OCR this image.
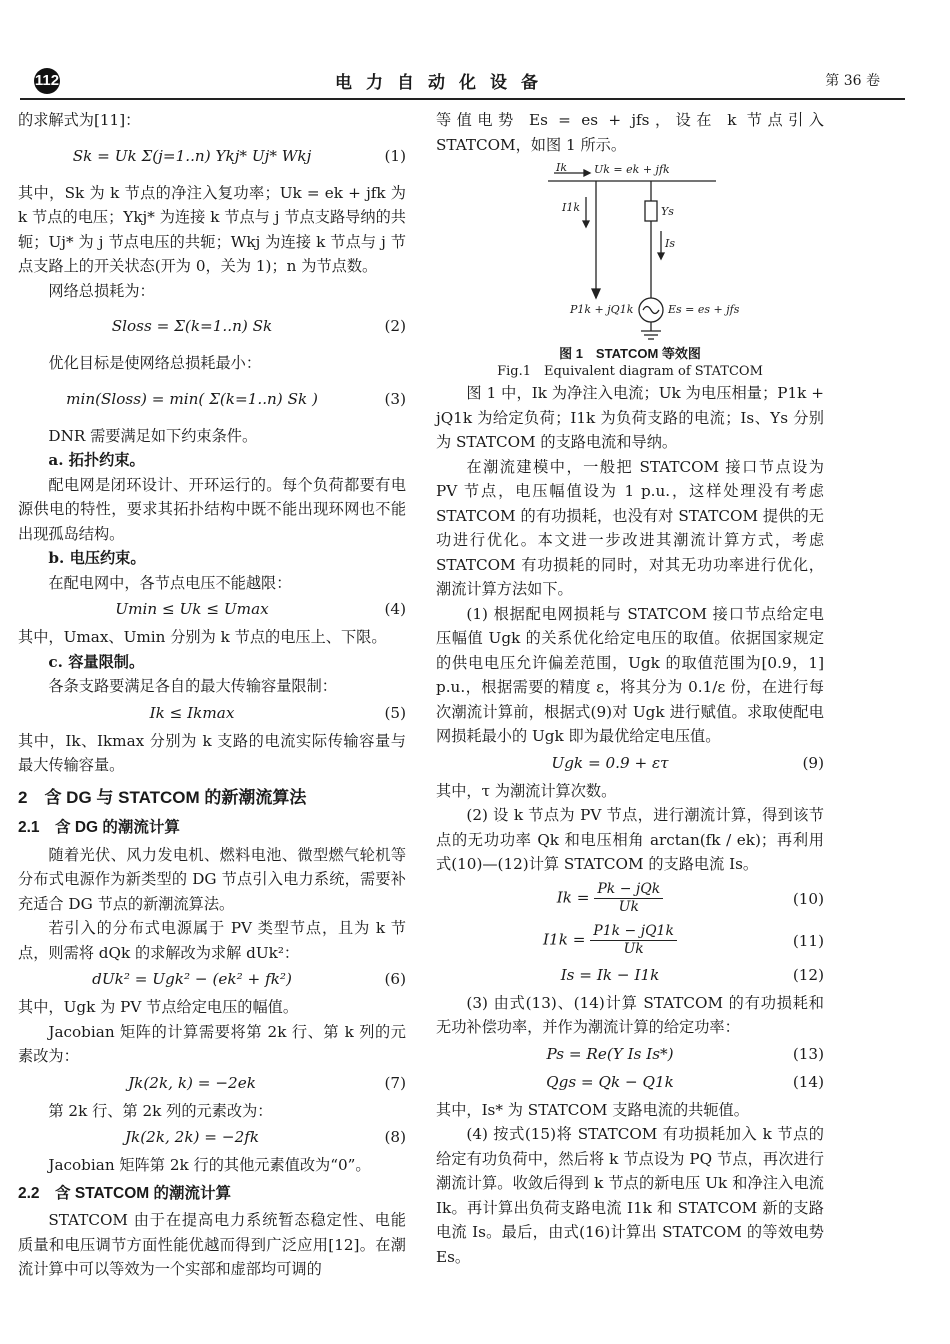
112	电力自动化设备	第 36 卷

的求解式为[11]：

Sk = Uk Σ(j=1..n) Ykj* Uj* Wkj	(1)

其中，Sk 为 k 节点的净注入复功率；Uk = ek + jfk 为 k 节点的电压；Ykj* 为连接 k 节点与 j 节点支路导纳的共轭；Uj* 为 j 节点电压的共轭；Wkj 为连接 k 节点与 j 节点支路上的开关状态(开为 0，关为 1)；n 为节点数。

网络总损耗为：

Sloss = Σ(k=1..n) Sk	(2)

优化目标是使网络总损耗最小：

min(Sloss) = min( Σ(k=1..n) Sk )	(3)

DNR 需要满足如下约束条件。

a. 拓扑约束。

配电网是闭环设计、开环运行的。每个负荷都要有电源供电的特性，要求其拓扑结构中既不能出现环网也不能出现孤岛结构。

b. 电压约束。

在配电网中，各节点电压不能越限：

Umin ≤ Uk ≤ Umax	(4)

其中，Umax、Umin 分别为 k 节点的电压上、下限。

c. 容量限制。

各条支路要满足各自的最大传输容量限制：

Ik ≤ Ikmax	(5)

其中，Ik、Ikmax 分别为 k 支路的电流实际传输容量与最大传输容量。

2　含 DG 与 STATCOM 的新潮流算法
2.1　含 DG 的潮流计算

随着光伏、风力发电机、燃料电池、微型燃气轮机等分布式电源作为新类型的 DG 节点引入电力系统，需要补充适合 DG 节点的新潮流算法。

若引入的分布式电源属于 PV 类型节点，且为 k 节点，则需将 dQk 的求解改为求解 dUk²：

dUk² = Ugk² − (ek² + fk²)	(6)

其中，Ugk 为 PV 节点给定电压的幅值。

Jacobian 矩阵的计算需要将第 2k 行、第 k 列的元素改为：

Jk(2k, k) = −2ek	(7)

第 2k 行、第 2k 列的元素改为：

Jk(2k, 2k) = −2fk	(8)

Jacobian 矩阵第 2k 行的其他元素值改为“0”。

2.2　含 STATCOM 的潮流计算

STATCOM 由于在提高电力系统暂态稳定性、电能质量和电压调节方面性能优越而得到广泛应用[12]。在潮流计算中可以等效为一个实部和虚部均可调的

等值电势 Es = es + jfs，设在 k 节点引入 STATCOM，如图 1 所示。

Ik Uk = ek + jfk
I1k	Ys
Is
P1k + jQ1k	Es = es + jfs
图 1　STATCOM 等效图
Fig.1　Equivalent diagram of STATCOM

图 1 中，Ik 为净注入电流；Uk 为电压相量；P1k + jQ1k 为给定负荷；I1k 为负荷支路的电流；Is、Ys 分别为 STATCOM 的支路电流和导纳。

在潮流建模中，一般把 STATCOM 接口节点设为 PV 节点，电压幅值设为 1 p.u.，这样处理没有考虑 STATCOM 的有功损耗，也没有对 STATCOM 提供的无功进行优化。本文进一步改进其潮流计算方式，考虑 STATCOM 有功损耗的同时，对其无功功率进行优化，潮流计算方法如下。

(1) 根据配电网损耗与 STATCOM 接口节点给定电压幅值 Ugk 的关系优化给定电压的取值。依据国家规定的供电电压允许偏差范围，Ugk 的取值范围为[0.9，1] p.u.，根据需要的精度 ε，将其分为 0.1/ε 份，在进行每次潮流计算前，根据式(9)对 Ugk 进行赋值。求取使配电网损耗最小的 Ugk 即为最优给定电压值。

Ugk = 0.9 + ετ	(9)

其中，τ 为潮流计算次数。

(2) 设 k 节点为 PV 节点，进行潮流计算，得到该节点的无功功率 Qk 和电压相角 arctan(fk / ek)；再利用式(10)—(12)计算 STATCOM 的支路电流 Is。

$Ik = \frac{\text{Pk − jQk}}{Uk}$	(10)
$I1k = \frac{P1k - jQ1k}{Uk}$	(11)
Is = Ik − I1k	(12)

(3) 由式(13)、(14)计算 STATCOM 的有功损耗和无功补偿功率，并作为潮流计算的给定功率：

Ps = Re(Y Is Is*)	(13)
Qgs = Qk − Q1k	(14)

其中，Is* 为 STATCOM 支路电流的共轭值。

(4) 按式(15)将 STATCOM 有功损耗加入 k 节点的给定有功负荷中，然后将 k 节点设为 PQ 节点，再次进行潮流计算。收敛后得到 k 节点的新电压 Uk 和净注入电流 Ik。再计算出负荷支路电流 I1k 和 STATCOM 新的支路电流 Is。最后，由式(16)计算出 STATCOM 的等效电势 Es。
